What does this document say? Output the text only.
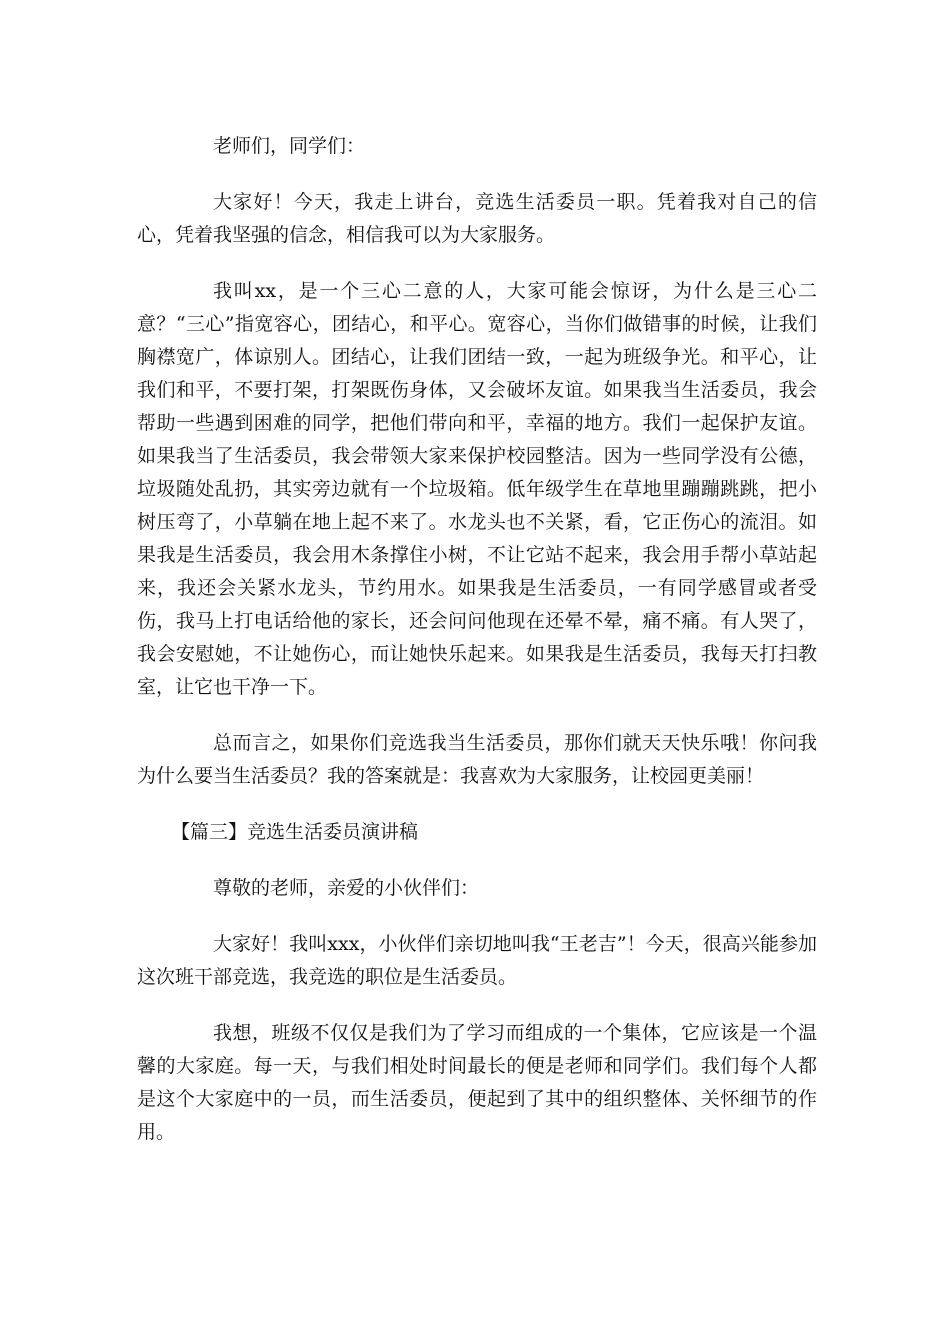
老师们，同学们：

大家好！今天，我走上讲台，竞选生活委员一职。凭着我对自己的信心，凭着我坚强的信念，相信我可以为大家服务。

我叫xx，是一个三心二意的人，大家可能会惊讶，为什么是三心二意？“三心”指宽容心，团结心，和平心。宽容心，当你们做错事的时候，让我们胸襟宽广，体谅别人。团结心，让我们团结一致，一起为班级争光。和平心，让我们和平，不要打架，打架既伤身体，又会破坏友谊。如果我当生活委员，我会帮助一些遇到困难的同学，把他们带向和平，幸福的地方。我们一起保护友谊。如果我当了生活委员，我会带领大家来保护校园整洁。因为一些同学没有公德，垃圾随处乱扔，其实旁边就有一个垃圾箱。低年级学生在草地里蹦蹦跳跳，把小树压弯了，小草躺在地上起不来了。水龙头也不关紧，看，它正伤心的流泪。如果我是生活委员，我会用木条撑住小树，不让它站不起来，我会用手帮小草站起来，我还会关紧水龙头，节约用水。如果我是生活委员，一有同学感冒或者受伤，我马上打电话给他的家长，还会问问他现在还晕不晕，痛不痛。有人哭了，我会安慰她，不让她伤心，而让她快乐起来。如果我是生活委员，我每天打扫教室，让它也干净一下。

总而言之，如果你们竞选我当生活委员，那你们就天天快乐哦！你问我为什么要当生活委员？我的答案就是：我喜欢为大家服务，让校园更美丽！

【篇三】竞选生活委员演讲稿

尊敬的老师，亲爱的小伙伴们：

大家好！我叫xxx，小伙伴们亲切地叫我“王老吉”！今天，很高兴能参加这次班干部竞选，我竞选的职位是生活委员。

我想，班级不仅仅是我们为了学习而组成的一个集体，它应该是一个温馨的大家庭。每一天，与我们相处时间最长的便是老师和同学们。我们每个人都是这个大家庭中的一员，而生活委员，便起到了其中的组织整体、关怀细节的作用。
